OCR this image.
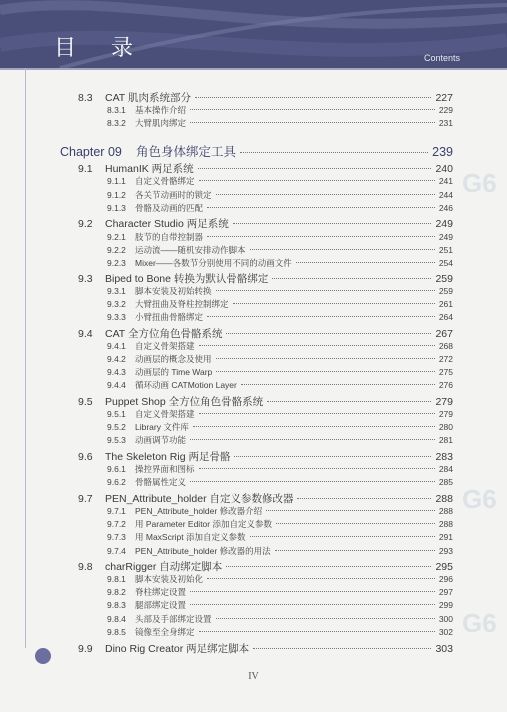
目 录	Contents
G6
G6
G6
8.3	CAT 肌肉系统部分	227
8.3.1	基本操作介绍	229
8.3.2	大臂肌肉绑定	231
Chapter 09	角色身体绑定工具	239
9.1	HumanIK 两足系统	240
9.1.1	自定义骨骼绑定	241
9.1.2	各关节动画时的锁定	244
9.1.3	骨骼及动画的匹配	246
9.2	Character Studio 两足系统	249
9.2.1	肢节的自带控制器	249
9.2.2	运动流——随机安排动作脚本	251
9.2.3	Mixer——各数节分别使用不同的动画文件	254
9.3	Biped to Bone 转换为默认骨骼绑定	259
9.3.1	脚本安装及初始转换	259
9.3.2	大臂扭曲及脊柱控制绑定	261
9.3.3	小臂扭曲骨骼绑定	264
9.4	CAT 全方位角色骨骼系统	267
9.4.1	自定义骨架搭建	268
9.4.2	动画层的概念及使用	272
9.4.3	动画层的 Time Warp	275
9.4.4	循环动画 CATMotion Layer	276
9.5	Puppet Shop 全方位角色骨骼系统	279
9.5.1	自定义骨架搭建	279
9.5.2	Library 文件库	280
9.5.3	动画调节功能	281
9.6	The Skeleton Rig 两足骨骼	283
9.6.1	操控界面和图标	284
9.6.2	骨骼属性定义	285
9.7	PEN_Attribute_holder 自定义参数修改器	288
9.7.1	PEN_Attribute_holder 修改器介绍	288
9.7.2	用 Parameter Editor 添加自定义参数	288
9.7.3	用 MaxScript 添加自定义参数	291
9.7.4	PEN_Attribute_holder 修改器的用法	293
9.8	charRigger 自动绑定脚本	295
9.8.1	脚本安装及初始化	296
9.8.2	脊柱绑定设置	297
9.8.3	腿部绑定设置	299
9.8.4	头部及手部绑定设置	300
9.8.5	镜像至全身绑定	302
9.9	Dino Rig Creator 两足绑定脚本	303
IV
